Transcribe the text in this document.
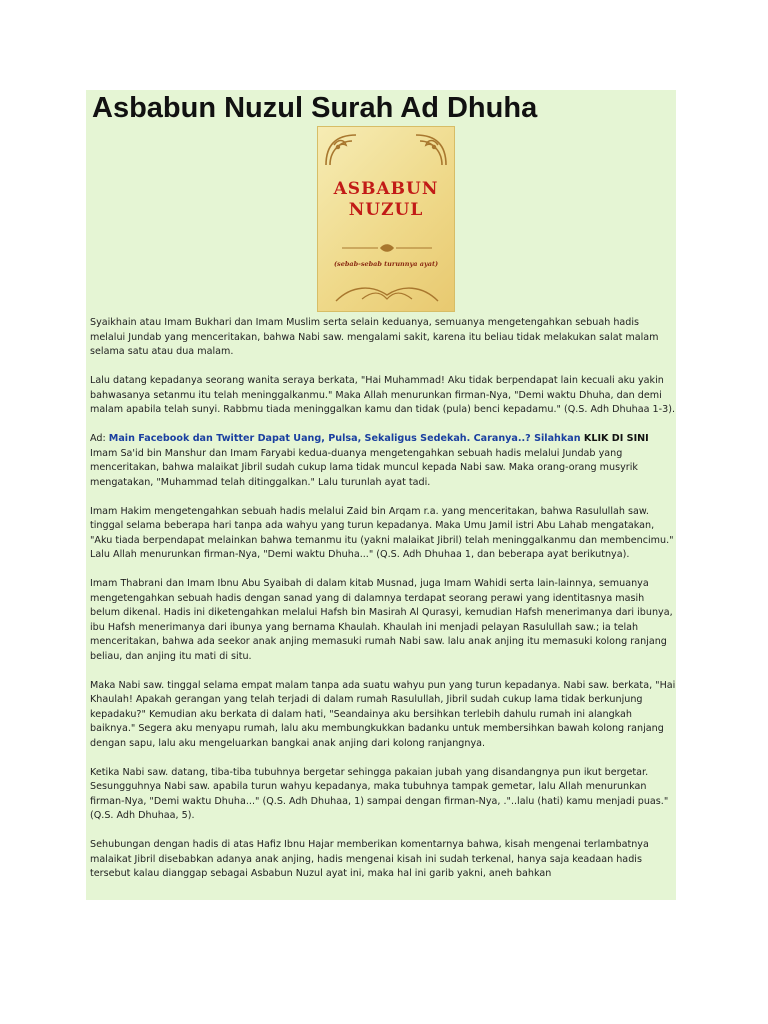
Asbabun Nuzul Surah Ad Dhuha
ASBABUN
NUZUL
(sebab-sebab turunnya ayat)

Syaikhain atau Imam Bukhari dan Imam Muslim serta selain keduanya, semuanya mengetengahkan sebuah hadis melalui Jundab yang menceritakan, bahwa Nabi saw. mengalami sakit, karena itu beliau tidak melakukan salat malam selama satu atau dua malam.

Lalu datang kepadanya seorang wanita seraya berkata, "Hai Muhammad! Aku tidak berpendapat lain kecuali aku yakin bahwasanya setanmu itu telah meninggalkanmu." Maka Allah menurunkan firman-Nya, "Demi waktu Dhuha, dan demi malam apabila telah sunyi. Rabbmu tiada meninggalkan kamu dan tidak (pula) benci kepadamu." (Q.S. Adh Dhuhaa 1-3).

Ad: Main Facebook dan Twitter Dapat Uang, Pulsa, Sekaligus Sedekah. Caranya..? Silahkan KLIK DI SINI

Imam Sa'id bin Manshur dan Imam Faryabi kedua-duanya mengetengahkan sebuah hadis melalui Jundab yang menceritakan, bahwa malaikat Jibril sudah cukup lama tidak muncul kepada Nabi saw. Maka orang-orang musyrik mengatakan, "Muhammad telah ditinggalkan." Lalu turunlah ayat tadi.

Imam Hakim mengetengahkan sebuah hadis melalui Zaid bin Arqam r.a. yang menceritakan, bahwa Rasulullah saw. tinggal selama beberapa hari tanpa ada wahyu yang turun kepadanya. Maka Umu Jamil istri Abu Lahab mengatakan, "Aku tiada berpendapat melainkan bahwa temanmu itu (yakni malaikat Jibril) telah meninggalkanmu dan membencimu." Lalu Allah menurunkan firman-Nya, "Demi waktu Dhuha..." (Q.S. Adh Dhuhaa 1, dan beberapa ayat berikutnya).

Imam Thabrani dan Imam Ibnu Abu Syaibah di dalam kitab Musnad, juga Imam Wahidi serta lain-lainnya, semuanya mengetengahkan sebuah hadis dengan sanad yang di dalamnya terdapat seorang perawi yang identitasnya masih belum dikenal. Hadis ini diketengahkan melalui Hafsh bin Masirah Al Qurasyi, kemudian Hafsh menerimanya dari ibunya, ibu Hafsh menerimanya dari ibunya yang bernama Khaulah. Khaulah ini menjadi pelayan Rasulullah saw.; ia telah menceritakan, bahwa ada seekor anak anjing memasuki rumah Nabi saw. lalu anak anjing itu memasuki kolong ranjang beliau, dan anjing itu mati di situ.

Maka Nabi saw. tinggal selama empat malam tanpa ada suatu wahyu pun yang turun kepadanya. Nabi saw. berkata, "Hai Khaulah! Apakah gerangan yang telah terjadi di dalam rumah Rasulullah, Jibril sudah cukup lama tidak berkunjung kepadaku?" Kemudian aku berkata di dalam hati, "Seandainya aku bersihkan terlebih dahulu rumah ini alangkah baiknya." Segera aku menyapu rumah, lalu aku membungkukkan badanku untuk membersihkan bawah kolong ranjang dengan sapu, lalu aku mengeluarkan bangkai anak anjing dari kolong ranjangnya.

Ketika Nabi saw. datang, tiba-tiba tubuhnya bergetar sehingga pakaian jubah yang disandangnya pun ikut bergetar. Sesungguhnya Nabi saw. apabila turun wahyu kepadanya, maka tubuhnya tampak gemetar, lalu Allah menurunkan firman-Nya, "Demi waktu Dhuha..." (Q.S. Adh Dhuhaa, 1) sampai dengan firman-Nya, ."..lalu (hati) kamu menjadi puas." (Q.S. Adh Dhuhaa, 5).

Sehubungan dengan hadis di atas Hafiz Ibnu Hajar memberikan komentarnya bahwa, kisah mengenai terlambatnya malaikat Jibril disebabkan adanya anak anjing, hadis mengenai kisah ini sudah terkenal, hanya saja keadaan hadis tersebut kalau dianggap sebagai Asbabun Nuzul ayat ini, maka hal ini garib yakni, aneh bahkan
